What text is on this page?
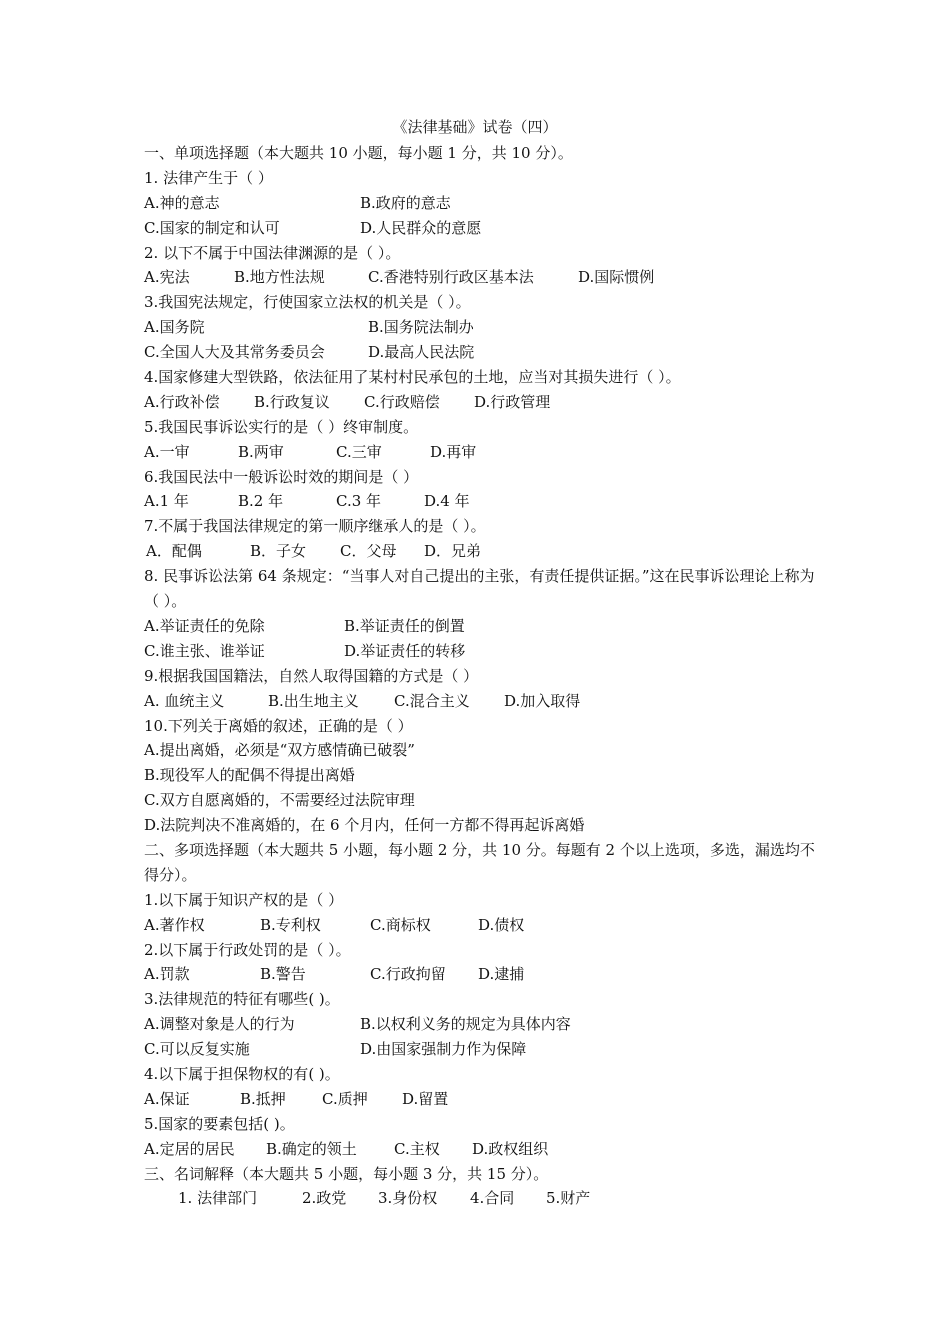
《法律基础》试卷（四）
一、单项选择题（本大题共 10 小题，每小题 1 分，共 10 分）。
1. 法律产生于（ ）
A.神的意志	B.政府的意志
C.国家的制定和认可	D.人民群众的意愿
2. 以下不属于中国法律渊源的是（ ）。
A.宪法	B.地方性法规	C.香港特别行政区基本法	D.国际惯例
3.我国宪法规定，行使国家立法权的机关是（ ）。
A.国务院	B.国务院法制办
C.全国人大及其常务委员会	D.最高人民法院
4.国家修建大型铁路，依法征用了某村村民承包的土地，应当对其损失进行（ ）。
A.行政补偿 B.行政复议 C.行政赔偿 D.行政管理
5.我国民事诉讼实行的是（ ）终审制度。
A.一审	B.两审	C.三审	D.再审
6.我国民法中一般诉讼时效的期间是（ ）
A.1 年	B.2 年	C.3 年	D.4 年
7.不属于我国法律规定的第一顺序继承人的是（ ）。
A．配偶	B．子女 C．父母 D．兄弟
8. 民事诉讼法第 64 条规定：“当事人对自己提出的主张，有责任提供证据。”这在民事诉讼理论上称为（ ）。
A.举证责任的免除	B.举证责任的倒置
C.谁主张、谁举证	D.举证责任的转移
9.根据我国国籍法，自然人取得国籍的方式是（ ）
A. 血统主义	B.出生地主义 C.混合主义 D.加入取得
10.下列关于离婚的叙述，正确的是（ ）
A.提出离婚，必须是“双方感情确已破裂”
B.现役军人的配偶不得提出离婚
C.双方自愿离婚的，不需要经过法院审理
D.法院判决不准离婚的，在 6 个月内，任何一方都不得再起诉离婚
二、多项选择题（本大题共 5 小题，每小题 2 分，共 10 分。每题有 2 个以上选项，多选，漏选均不得分）。
1.以下属于知识产权的是（ ）
A.著作权	B.专利权	C.商标权	D.债权
2.以下属于行政处罚的是（ ）。
A.罚款	B.警告	C.行政拘留 D.逮捕
3.法律规范的特征有哪些( )。
A.调整对象是人的行为	B.以权利义务的规定为具体内容
C.可以反复实施	D.由国家强制力作为保障
4.以下属于担保物权的有( )。
A.保证	B.抵押 C.质押 D.留置
5.国家的要素包括( )。
A.定居的居民 B.确定的领土 C.主权 D.政权组织
三、名词解释（本大题共 5 小题，每小题 3 分，共 15 分）。
1. 法律部门	2.政党 3.身份权 4.合同 5.财产
